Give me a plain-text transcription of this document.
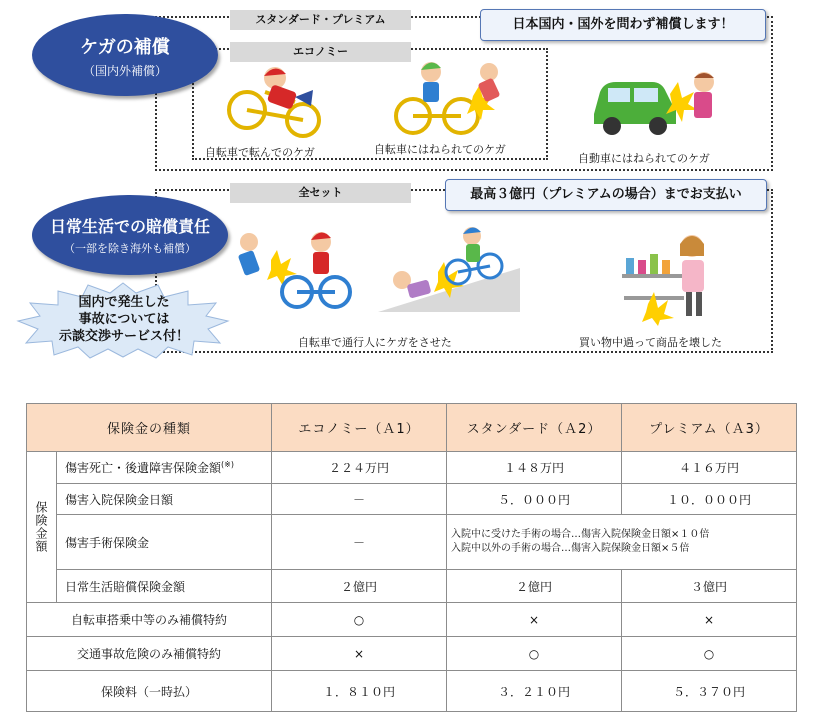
スタンダード・プレミアム
エコノミー
ケガの補償
（国内外補償）
日本国内・国外を問わず補償します！
自転車で転んでのケガ	自転車にはねられてのケガ
自動車にはねられてのケガ
全セット
日常生活での賠償責任
（一部を除き海外も補償）
最高３億円（プレミアムの場合）までお支払い
国内で発生した
事故については
示談交渉サービス付！	自転車で通行人にケガをさせた	買い物中過って商品を壊した
保険金の種類		エコノミー（Ａ1）	スタンダード（Ａ2）	プレミアム（Ａ3）

保険金額	傷害死亡・後遺障害保険金額(※)	２２４万円	１４８万円	４１６万円
	傷害入院保険金日額	－	５．０００円	１０．０００円
	傷害手術保険金	－	入院中に受けた手術の場合…傷害入院保険金日額×１０倍
入院中以外の手術の場合…傷害入院保険金日額×５倍	

	日常生活賠償保険金額	２億円	２億円	３億円
自転車搭乗中等のみ補償特約		○	×	×
交通事故危険のみ補償特約		×	○	○
保険料（一時払）		１．８１０円	３．２１０円	５．３７０円
